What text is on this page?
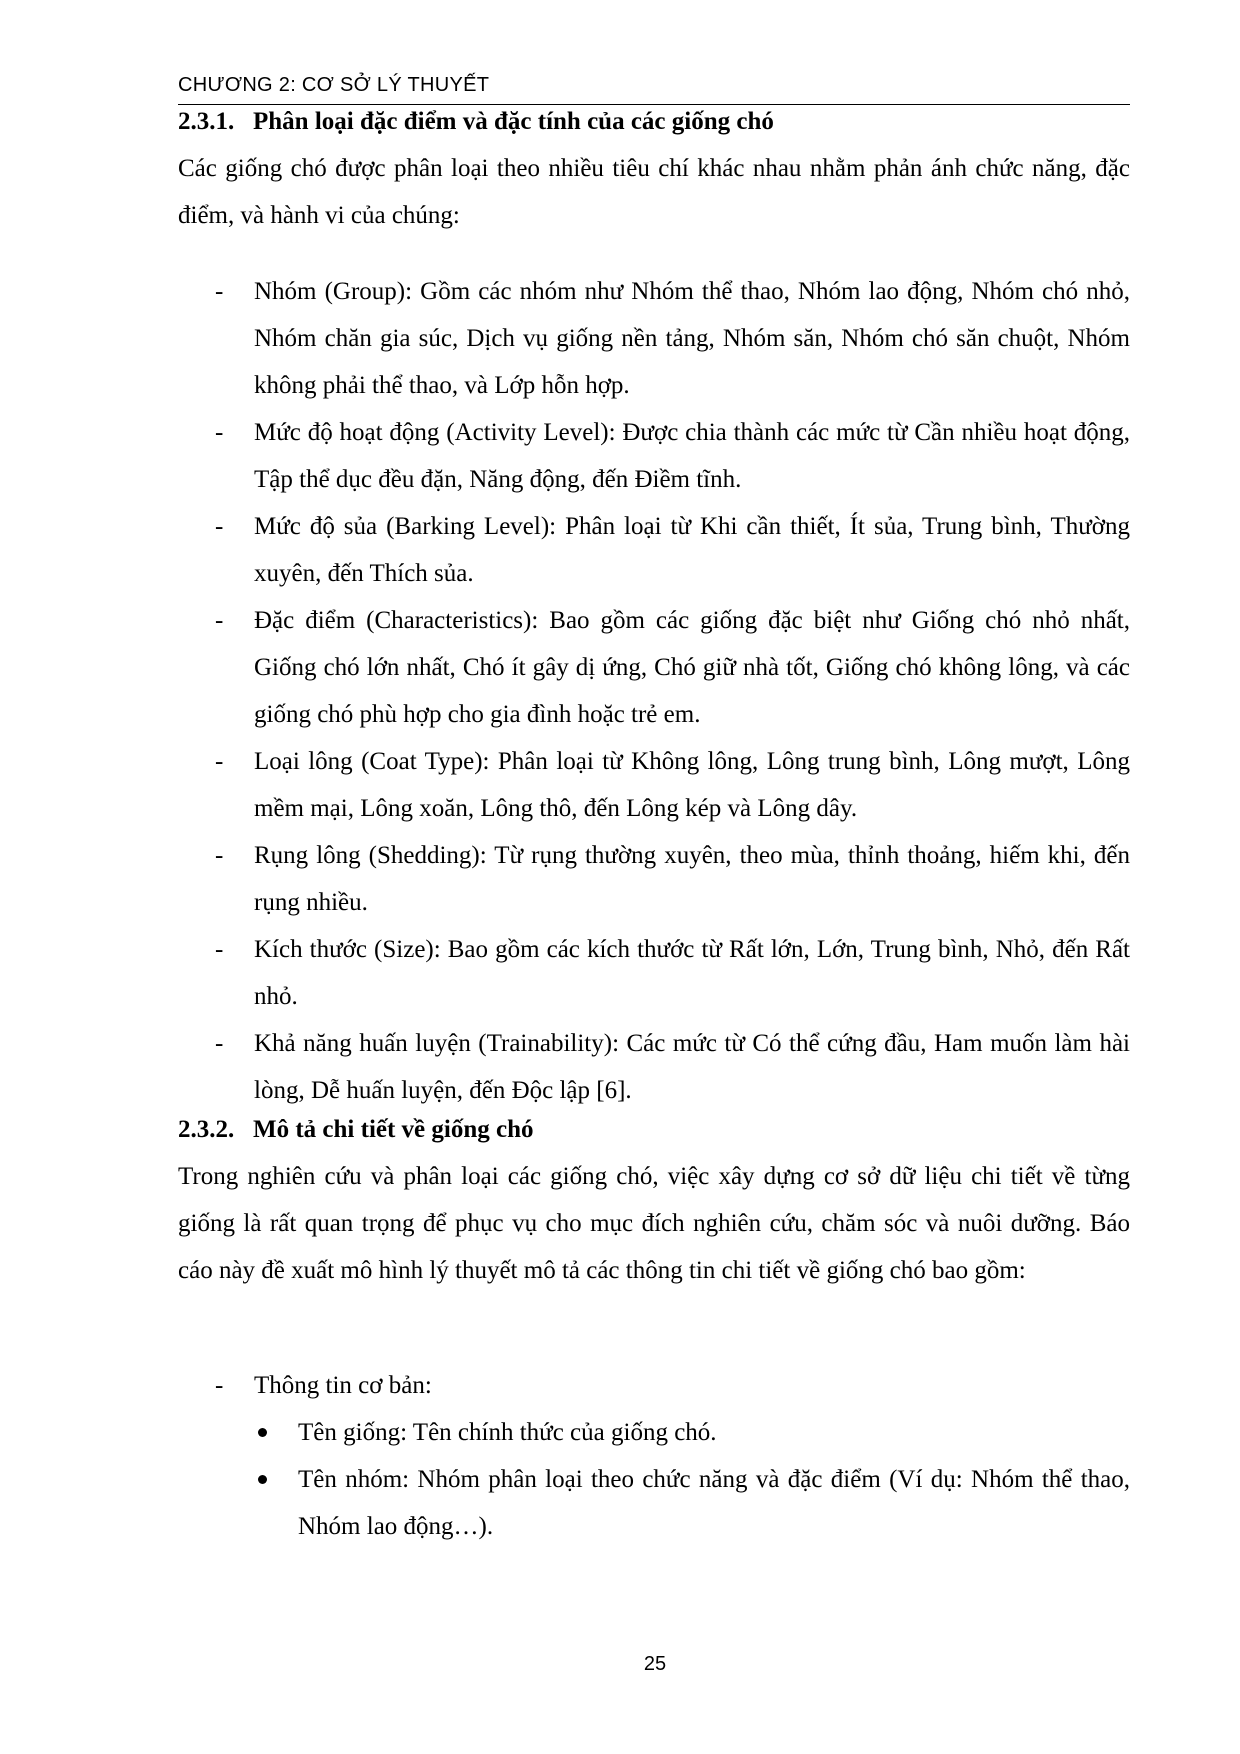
CHƯƠNG 2: CƠ SỞ LÝ THUYẾT
2.3.1. Phân loại đặc điểm và đặc tính của các giống chó

Các giống chó được phân loại theo nhiều tiêu chí khác nhau nhằm phản ánh chức năng, đặc điểm, và hành vi của chúng:

- Nhóm (Group): Gồm các nhóm như Nhóm thể thao, Nhóm lao động, Nhóm chó nhỏ, Nhóm chăn gia súc, Dịch vụ giống nền tảng, Nhóm săn, Nhóm chó săn chuột, Nhóm không phải thể thao, và Lớp hỗn hợp.
- Mức độ hoạt động (Activity Level): Được chia thành các mức từ Cần nhiều hoạt động, Tập thể dục đều đặn, Năng động, đến Điềm tĩnh.
- Mức độ sủa (Barking Level): Phân loại từ Khi cần thiết, Ít sủa, Trung bình, Thường xuyên, đến Thích sủa.
- Đặc điểm (Characteristics): Bao gồm các giống đặc biệt như Giống chó nhỏ nhất, Giống chó lớn nhất, Chó ít gây dị ứng, Chó giữ nhà tốt, Giống chó không lông, và các giống chó phù hợp cho gia đình hoặc trẻ em.
- Loại lông (Coat Type): Phân loại từ Không lông, Lông trung bình, Lông mượt, Lông mềm mại, Lông xoăn, Lông thô, đến Lông kép và Lông dây.
- Rụng lông (Shedding): Từ rụng thường xuyên, theo mùa, thỉnh thoảng, hiếm khi, đến rụng nhiều.
- Kích thước (Size): Bao gồm các kích thước từ Rất lớn, Lớn, Trung bình, Nhỏ, đến Rất nhỏ.
- Khả năng huấn luyện (Trainability): Các mức từ Có thể cứng đầu, Ham muốn làm hài lòng, Dễ huấn luyện, đến Độc lập [6].
2.3.2. Mô tả chi tiết về giống chó

Trong nghiên cứu và phân loại các giống chó, việc xây dựng cơ sở dữ liệu chi tiết về từng giống là rất quan trọng để phục vụ cho mục đích nghiên cứu, chăm sóc và nuôi dưỡng. Báo cáo này đề xuất mô hình lý thuyết mô tả các thông tin chi tiết về giống chó bao gồm:

- Thông tin cơ bản:
Tên giống: Tên chính thức của giống chó.
Tên nhóm: Nhóm phân loại theo chức năng và đặc điểm (Ví dụ: Nhóm thể thao, Nhóm lao động…).
25
